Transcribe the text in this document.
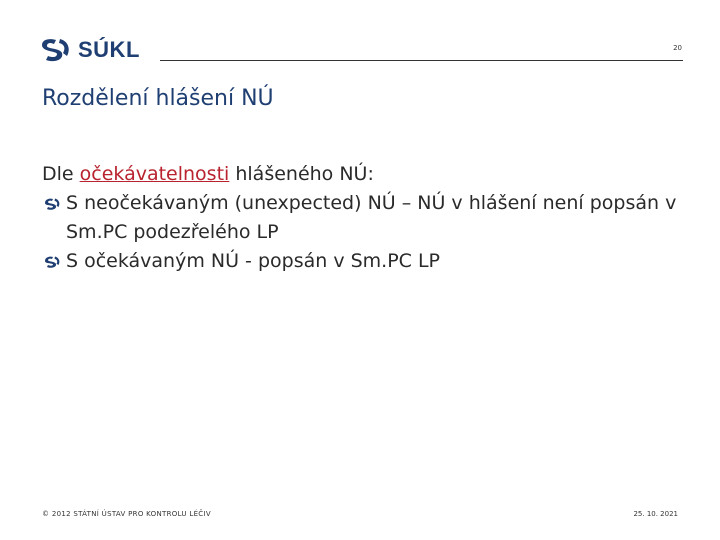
SÚKL	20
Rozdělení hlášení NÚ

Dle očekávatelnosti hlášeného NÚ:

S neočekávaným (unexpected) NÚ – NÚ v hlášení není popsán v Sm.PC podezřelého LP
S očekávaným NÚ - popsán v Sm.PC LP
© 2012 STÁTNÍ ÚSTAV PRO KONTROLU LÉČIV	25. 10. 2021
